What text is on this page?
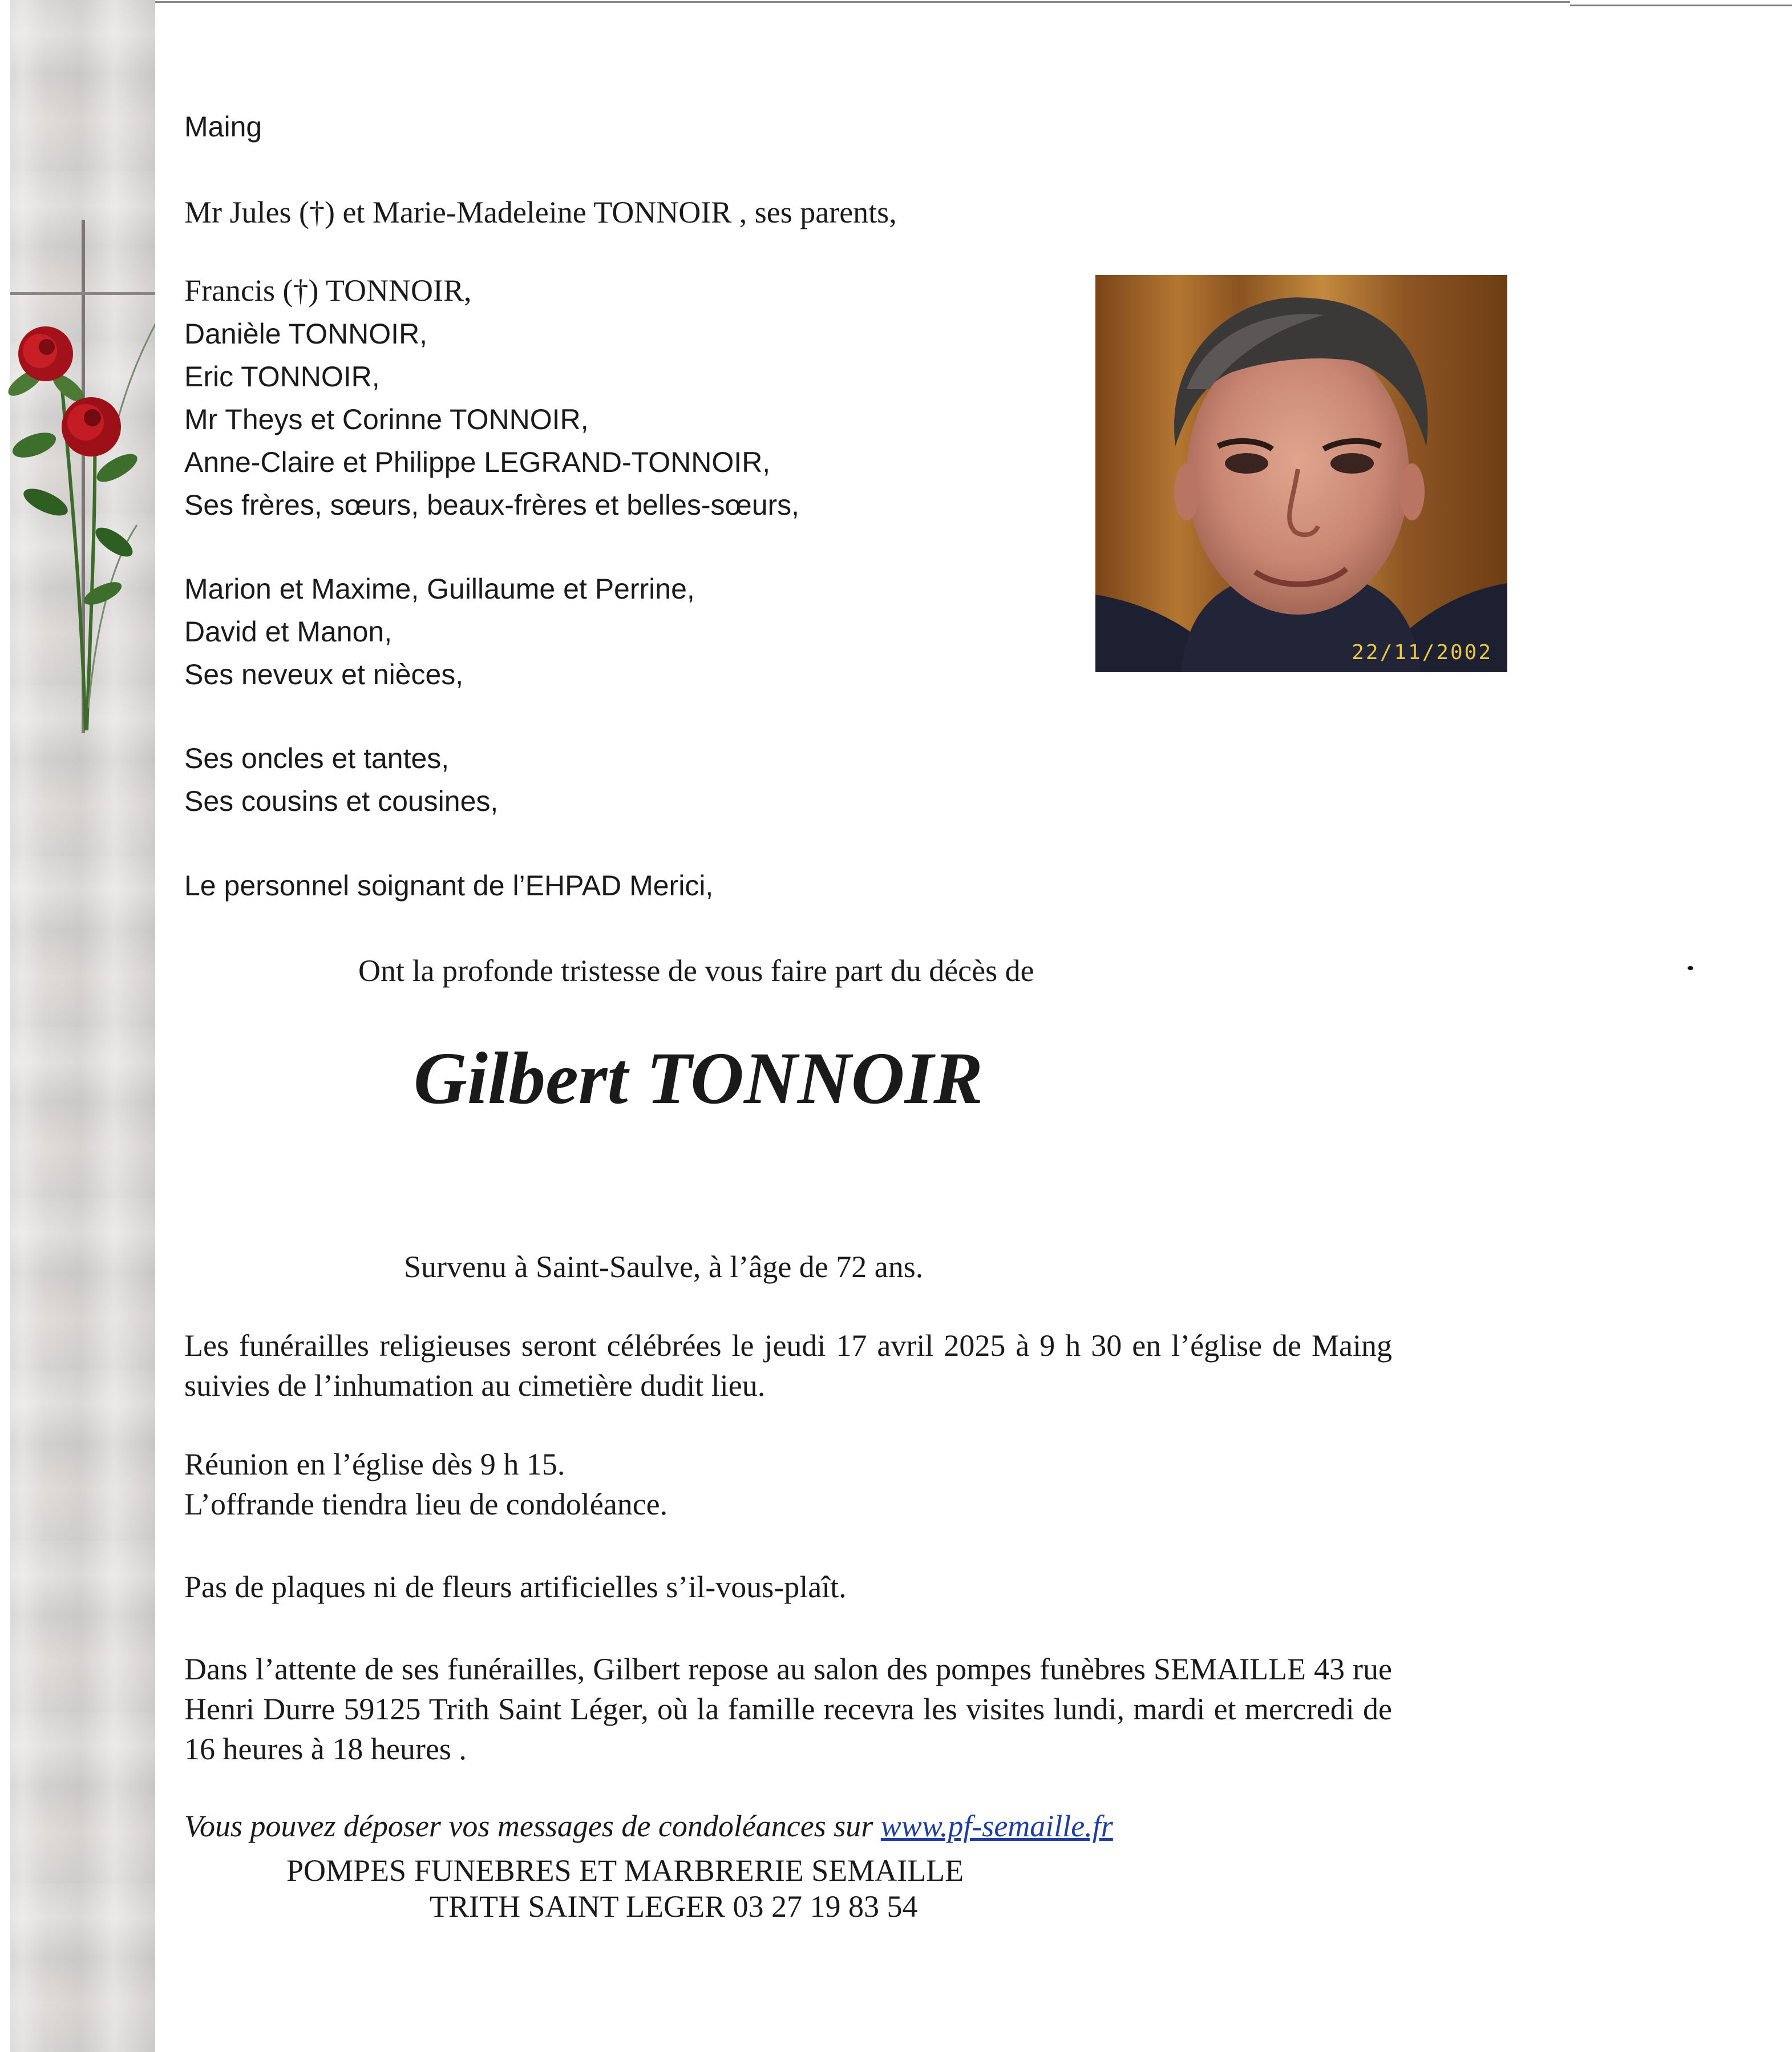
Maing

Mr Jules (†) et Marie-Madeleine TONNOIR , ses parents,

Francis (†) TONNOIR,

Danièle TONNOIR,

Eric TONNOIR,

Mr Theys et Corinne TONNOIR,

Anne-Claire et Philippe LEGRAND-TONNOIR,

Ses frères, sœurs, beaux-frères et belles-sœurs,

Marion et Maxime, Guillaume et Perrine,

David et Manon,

Ses neveux et nièces,

Ses oncles et tantes,

Ses cousins et cousines,

Le personnel soignant de l’EHPAD Merici,

22/11/2002

Ont la profonde tristesse de vous faire part du décès de

Gilbert TONNOIR

Survenu à Saint-Saulve, à l’âge de 72 ans.

Les funérailles religieuses seront célébrées le jeudi 17 avril 2025 à 9 h 30 en l’église de Maing suivies de l’inhumation au cimetière dudit lieu.

Réunion en l’église dès 9 h 15.

L’offrande tiendra lieu de condoléance.

Pas de plaques ni de fleurs artificielles s’il-vous-plaît.

Dans l’attente de ses funérailles, Gilbert repose au salon des pompes funèbres SEMAILLE 43 rue Henri Durre 59125 Trith Saint Léger, où la famille recevra les visites lundi, mardi et mercredi de 16 heures à 18 heures .

Vous pouvez déposer vos messages de condoléances sur www.pf-semaille.fr

POMPES FUNEBRES ET MARBRERIE SEMAILLE

TRITH SAINT LEGER 03 27 19 83 54
